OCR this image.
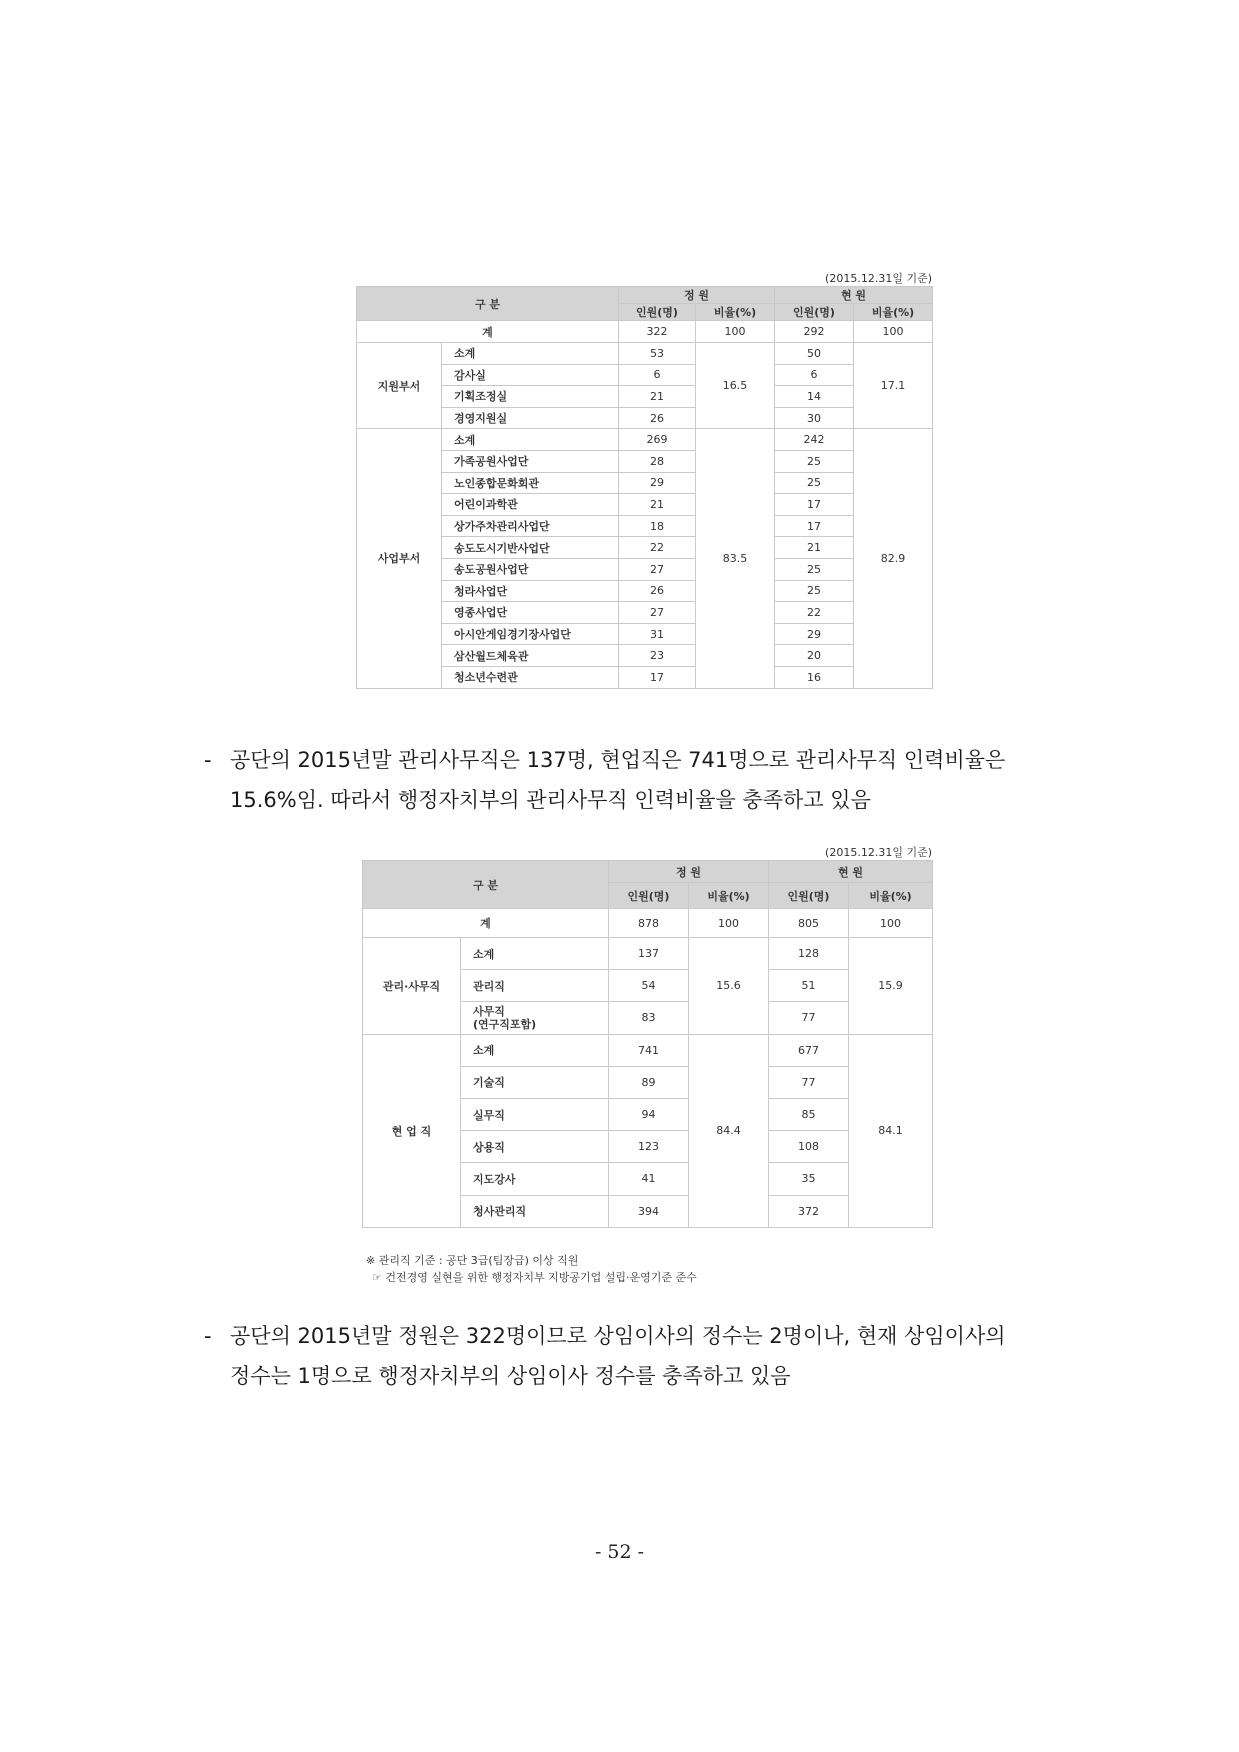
(2015.12.31일 기준)
구 분		정 원		현 원	
		인원(명)	비율(%)	인원(명)	비율(%)
계		322	100	292	100
지원부서	소계	53	16.5	50	17.1
	감사실	6		6	
	기획조정실	21		14	
	경영지원실	26		30	
사업부서	소계	269	83.5	242	82.9
	가족공원사업단	28		25	
	노인종합문화회관	29		25	
	어린이과학관	21		17	
	상가주차관리사업단	18		17	
	송도도시기반사업단	22		21	
	송도공원사업단	27		25	
	청라사업단	26		25	
	영종사업단	27		22	
	아시안게임경기장사업단	31		29	
	삼산월드체육관	23		20	
	청소년수련관	17		16	
- 공단의 2015년말 관리사무직은 137명, 현업직은 741명으로 관리사무직 인력비율은
15.6%임. 따라서 행정자치부의 관리사무직 인력비율을 충족하고 있음
(2015.12.31일 기준)
구 분		정 원		현 원	
		인원(명)	비율(%)	인원(명)	비율(%)
계		878	100	805	100
관리·사무직	소계	137	15.6	128	15.9
	관리직	54		51	

	사무직
(연구직포함)	83		77	
현 업 직	소계	741	84.4	677	84.1
	기술직	89		77	
	실무직	94		85	
	상용직	123		108	
	지도강사	41		35	
	청사관리직	394		372	
※ 관리직 기준 : 공단 3급(팀장급) 이상 직원
☞ 건전경영 실현을 위한 행정자치부 지방공기업 설립·운영기준 준수
- 공단의 2015년말 정원은 322명이므로 상임이사의 정수는 2명이나, 현재 상임이사의
정수는 1명으로 행정자치부의 상임이사 정수를 충족하고 있음
- 52 -
